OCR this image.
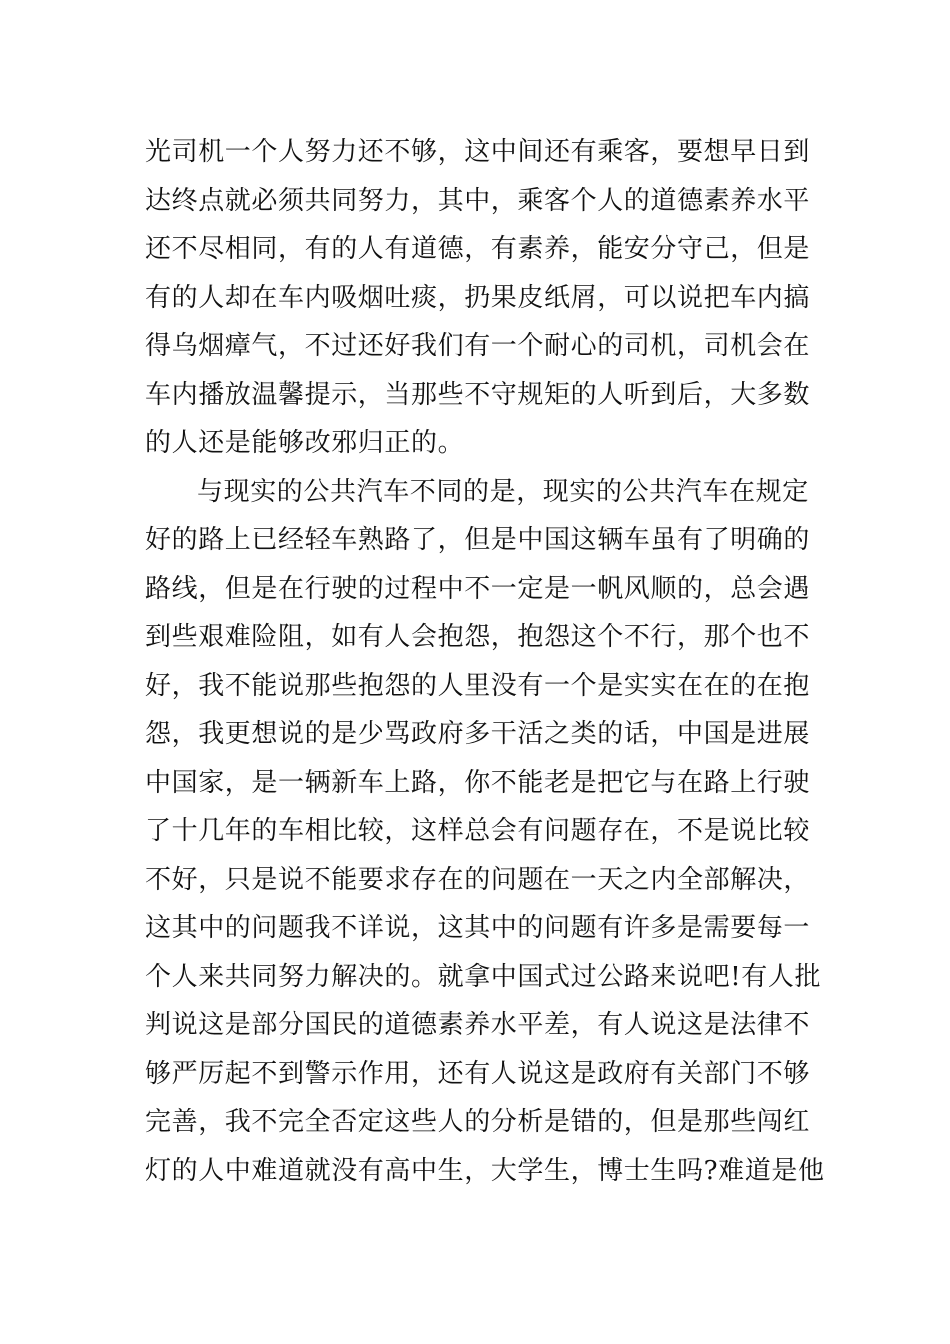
光司机一个人努力还不够，这中间还有乘客，要想早日到
达终点就必须共同努力，其中，乘客个人的道德素养水平
还不尽相同，有的人有道德，有素养，能安分守己，但是
有的人却在车内吸烟吐痰，扔果皮纸屑，可以说把车内搞
得乌烟瘴气，不过还好我们有一个耐心的司机，司机会在
车内播放温馨提示，当那些不守规矩的人听到后，大多数
的人还是能够改邪归正的。
与现实的公共汽车不同的是，现实的公共汽车在规定
好的路上已经轻车熟路了，但是中国这辆车虽有了明确的
路线，但是在行驶的过程中不一定是一帆风顺的，总会遇
到些艰难险阻，如有人会抱怨，抱怨这个不行，那个也不
好，我不能说那些抱怨的人里没有一个是实实在在的在抱
怨，我更想说的是少骂政府多干活之类的话，中国是进展
中国家，是一辆新车上路，你不能老是把它与在路上行驶
了十几年的车相比较，这样总会有问题存在，不是说比较
不好，只是说不能要求存在的问题在一天之内全部解决，
这其中的问题我不详说，这其中的问题有许多是需要每一
个人来共同努力解决的。就拿中国式过公路来说吧!有人批
判说这是部分国民的道德素养水平差，有人说这是法律不
够严厉起不到警示作用，还有人说这是政府有关部门不够
完善，我不完全否定这些人的分析是错的，但是那些闯红
灯的人中难道就没有高中生，大学生，博士生吗?难道是他
